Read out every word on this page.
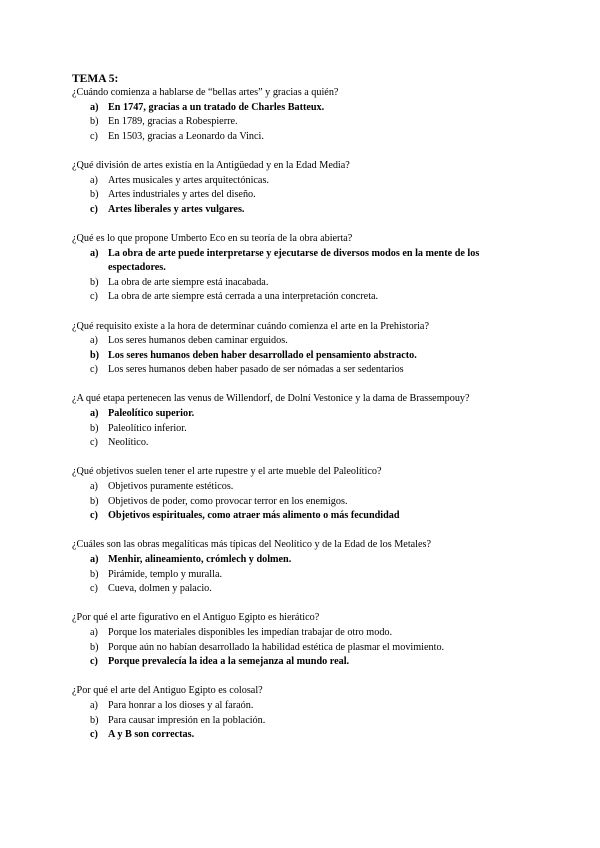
TEMA 5:
¿Cuándo comienza a hablarse de “bellas artes” y gracias a quién?
a) En 1747, gracias a un tratado de Charles Batteux.
b) En 1789, gracias a Robespierre.
c) En 1503, gracias a Leonardo da Vinci.
¿Qué división de artes existía en la Antigüedad y en la Edad Media?
a) Artes musicales y artes arquitectónicas.
b) Artes industriales y artes del diseño.
c) Artes liberales y artes vulgares.
¿Qué es lo que propone Umberto Eco en su teoría de la obra abierta?
a) La obra de arte puede interpretarse y ejecutarse de diversos modos en la mente de los espectadores.
b) La obra de arte siempre está inacabada.
c) La obra de arte siempre está cerrada a una interpretación concreta.
¿Qué requisito existe a la hora de determinar cuándo comienza el arte en la Prehistoria?
a) Los seres humanos deben caminar erguidos.
b) Los seres humanos deben haber desarrollado el pensamiento abstracto.
c) Los seres humanos deben haber pasado de ser nómadas a ser sedentarios
¿A qué etapa pertenecen las venus de Willendorf, de Dolní Vestonice y la dama de Brassempouy?
a) Paleolítico superior.
b) Paleolítico inferior.
c) Neolítico.
¿Qué objetivos suelen tener el arte rupestre y el arte mueble del Paleolítico?
a) Objetivos puramente estéticos.
b) Objetivos de poder, como provocar terror en los enemigos.
c) Objetivos espirituales, como atraer más alimento o más fecundidad
¿Cuáles son las obras megalíticas más típicas del Neolítico y de la Edad de los Metales?
a) Menhir, alineamiento, crómlech y dolmen.
b) Pirámide, templo y muralla.
c) Cueva, dolmen y palacio.
¿Por qué el arte figurativo en el Antiguo Egipto es hierático?
a) Porque los materiales disponibles les impedían trabajar de otro modo.
b) Porque aún no habían desarrollado la habilidad estética de plasmar el movimiento.
c) Porque prevalecía la idea a la semejanza al mundo real.
¿Por qué el arte del Antiguo Egipto es colosal?
a) Para honrar a los dioses y al faraón.
b) Para causar impresión en la población.
c) A y B son correctas.
